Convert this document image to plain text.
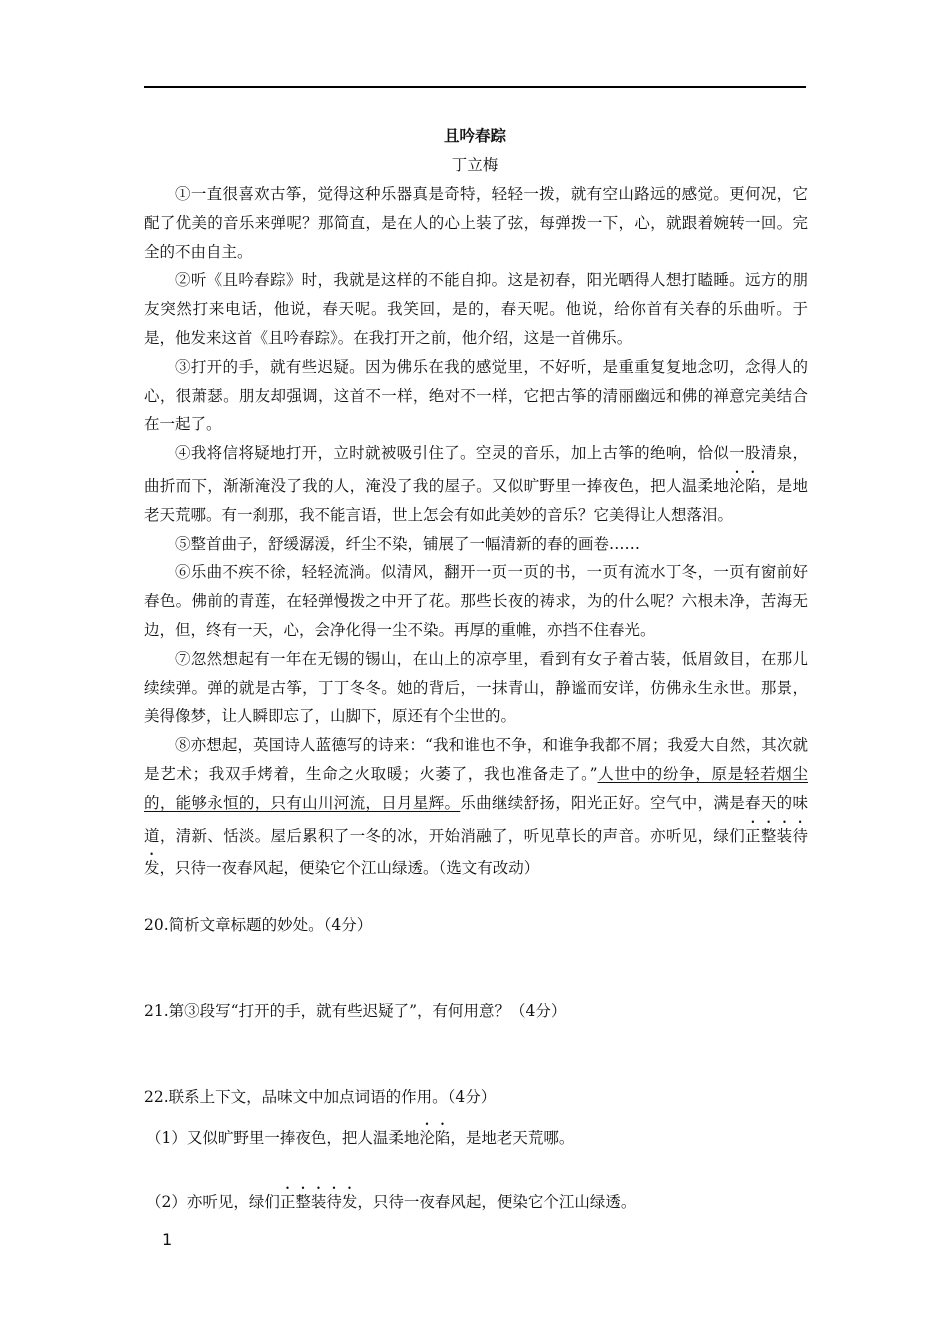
且吟春踪
丁立梅

①一直很喜欢古筝，觉得这种乐器真是奇特，轻轻一拨，就有空山路远的感觉。更何况，它配了优美的音乐来弹呢？那简直，是在人的心上装了弦，每弹拨一下，心，就跟着婉转一回。完全的不由自主。

②听《且吟春踪》时，我就是这样的不能自抑。这是初春，阳光晒得人想打瞌睡。远方的朋友突然打来电话，他说，春天呢。我笑回，是的，春天呢。他说，给你首有关春的乐曲听。于是，他发来这首《且吟春踪》。在我打开之前，他介绍，这是一首佛乐。

③打开的手，就有些迟疑。因为佛乐在我的感觉里，不好听，是重重复复地念叨，念得人的心，很萧瑟。朋友却强调，这首不一样，绝对不一样，它把古筝的清丽幽远和佛的禅意完美结合在一起了。

④我将信将疑地打开，立时就被吸引住了。空灵的音乐，加上古筝的绝响，恰似一股清泉，曲折而下，渐渐淹没了我的人，淹没了我的屋子。又似旷野里一捧夜色，把人温柔地沦陷，是地老天荒哪。有一刹那，我不能言语，世上怎会有如此美妙的音乐？它美得让人想落泪。

⑤整首曲子，舒缓潺湲，纤尘不染，铺展了一幅清新的春的画卷……

⑥乐曲不疾不徐，轻轻流淌。似清风，翻开一页一页的书，一页有流水丁冬，一页有窗前好春色。佛前的青莲，在轻弹慢拨之中开了花。那些长夜的祷求，为的什么呢？六根未净，苦海无边，但，终有一天，心，会净化得一尘不染。再厚的重帷，亦挡不住春光。

⑦忽然想起有一年在无锡的锡山，在山上的凉亭里，看到有女子着古装，低眉敛目，在那儿续续弹。弹的就是古筝，丁丁冬冬。她的背后，一抹青山，静谧而安详，仿佛永生永世。那景，美得像梦，让人瞬即忘了，山脚下，原还有个尘世的。

⑧亦想起，英国诗人蓝德写的诗来：“我和谁也不争，和谁争我都不屑；我爱大自然，其次就是艺术；我双手烤着，生命之火取暖；火萎了，我也准备走了。”人世中的纷争，原是轻若烟尘的，能够永恒的，只有山川河流，日月星辉。乐曲继续舒扬，阳光正好。空气中，满是春天的味道，清新、恬淡。屋后累积了一冬的冰，开始消融了，听见草长的声音。亦听见，绿们正整装待发，只待一夜春风起，便染它个江山绿透。（选文有改动）

20.简析文章标题的妙处。（4分）
21.第③段写“打开的手，就有些迟疑了”，有何用意？（4分）
22.联系上下文，品味文中加点词语的作用。（4分）
（1）又似旷野里一捧夜色，把人温柔地沦陷，是地老天荒哪。
（2）亦听见，绿们正整装待发，只待一夜春风起，便染它个江山绿透。
1
